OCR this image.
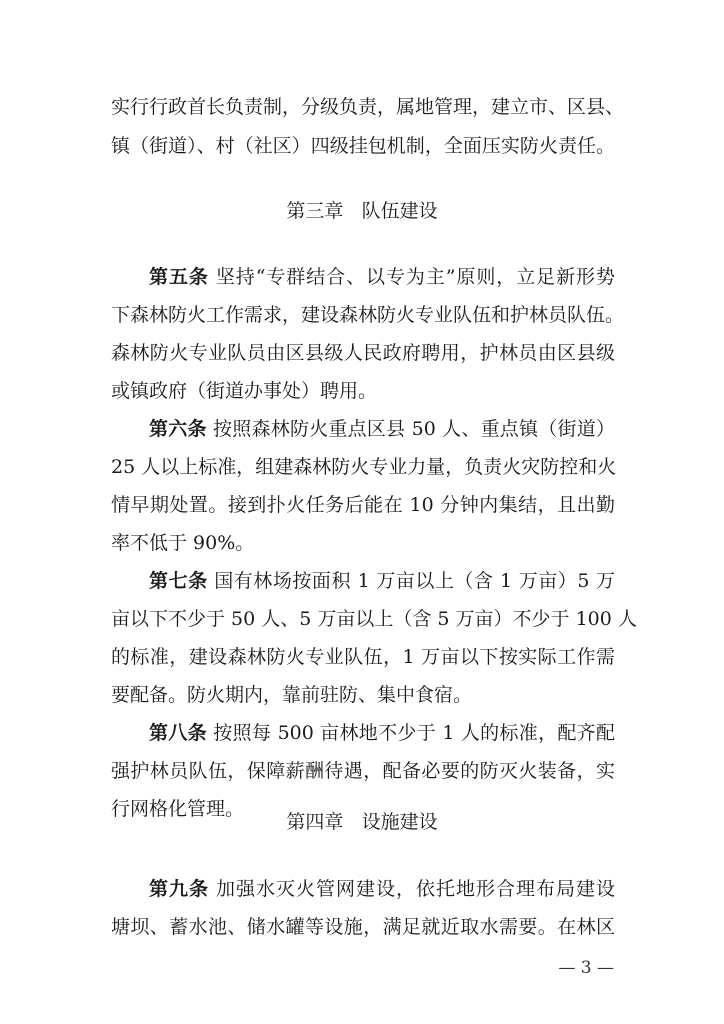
实行行政首长负责制，分级负责，属地管理，建立市、区县、
镇（街道）、村（社区）四级挂包机制，全面压实防火责任。
第三章 队伍建设
第五条 坚持“专群结合、以专为主”原则，立足新形势
下森林防火工作需求，建设森林防火专业队伍和护林员队伍。
森林防火专业队员由区县级人民政府聘用，护林员由区县级
或镇政府（街道办事处）聘用。
第六条 按照森林防火重点区县 50 人、重点镇（街道）
25 人以上标准，组建森林防火专业力量，负责火灾防控和火
情早期处置。接到扑火任务后能在 10 分钟内集结，且出勤
率不低于 90%。
第七条 国有林场按面积 1 万亩以上（含 1 万亩）5 万
亩以下不少于 50 人、5 万亩以上（含 5 万亩）不少于 100 人
的标准，建设森林防火专业队伍，1 万亩以下按实际工作需
要配备。防火期内，靠前驻防、集中食宿。
第八条 按照每 500 亩林地不少于 1 人的标准，配齐配
强护林员队伍，保障薪酬待遇，配备必要的防灭火装备，实
行网格化管理。
第四章 设施建设
第九条 加强水灭火管网建设，依托地形合理布局建设
塘坝、蓄水池、储水罐等设施，满足就近取水需要。在林区
— 3 —
